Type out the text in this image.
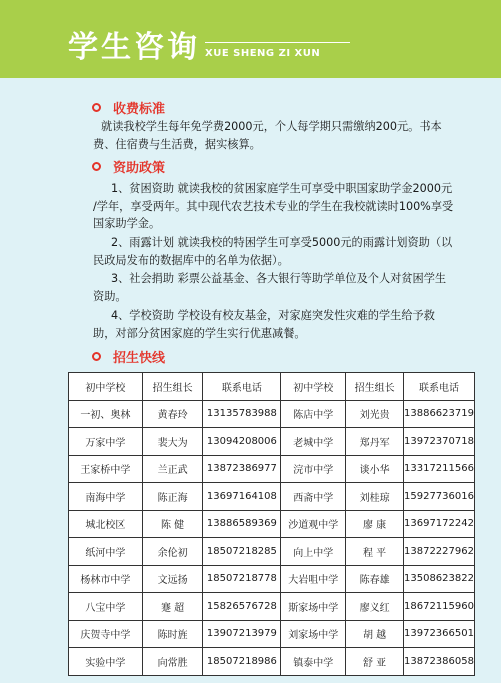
学生咨询 XUE SHENG ZI XUN
收费标准
就读我校学生每年免学费2000元，个人每学期只需缴纳200元。书本
费、住宿费与生活费，据实核算。
资助政策
1、贫困资助 就读我校的贫困家庭学生可享受中职国家助学金2000元
/学年，享受两年。其中现代农艺技术专业的学生在我校就读时100%享受
国家助学金。
2、雨露计划 就读我校的特困学生可享受5000元的雨露计划资助（以
民政局发布的数据库中的名单为依据）。
3、社会捐助 彩票公益基金、各大银行等助学单位及个人对贫困学生
资助。
4、学校资助 学校设有校友基金，对家庭突发性灾难的学生给予救
助，对部分贫困家庭的学生实行优惠减餐。
招生快线
初中学校	招生组长	联系电话	初中学校	招生组长	联系电话
一初、奥林	黄春玲	13135783988	陈店中学	刘光贵	13886623719
万家中学	裴大为	13094208006	老城中学	郑丹军	13972370718
王家桥中学	兰正武	13872386977	浣市中学	谈小华	13317211566
南海中学	陈正海	13697164108	西斋中学	刘桂琼	15927736016
城北校区	陈 健	13886589369	沙道观中学	廖 康	13697172242
纸河中学	余伦初	18507218285	向上中学	程 平	13872227962
杨林市中学	文远扬	18507218778	大岩咀中学	陈春雄	13508623822
八宝中学	蹇 超	15826576728	斯家场中学	廖义红	18672115960
庆贺寺中学	陈时旌	13907213979	刘家场中学	胡 越	13972366501
实验中学	向常胜	18507218986	镇泰中学	舒 亚	13872386058
